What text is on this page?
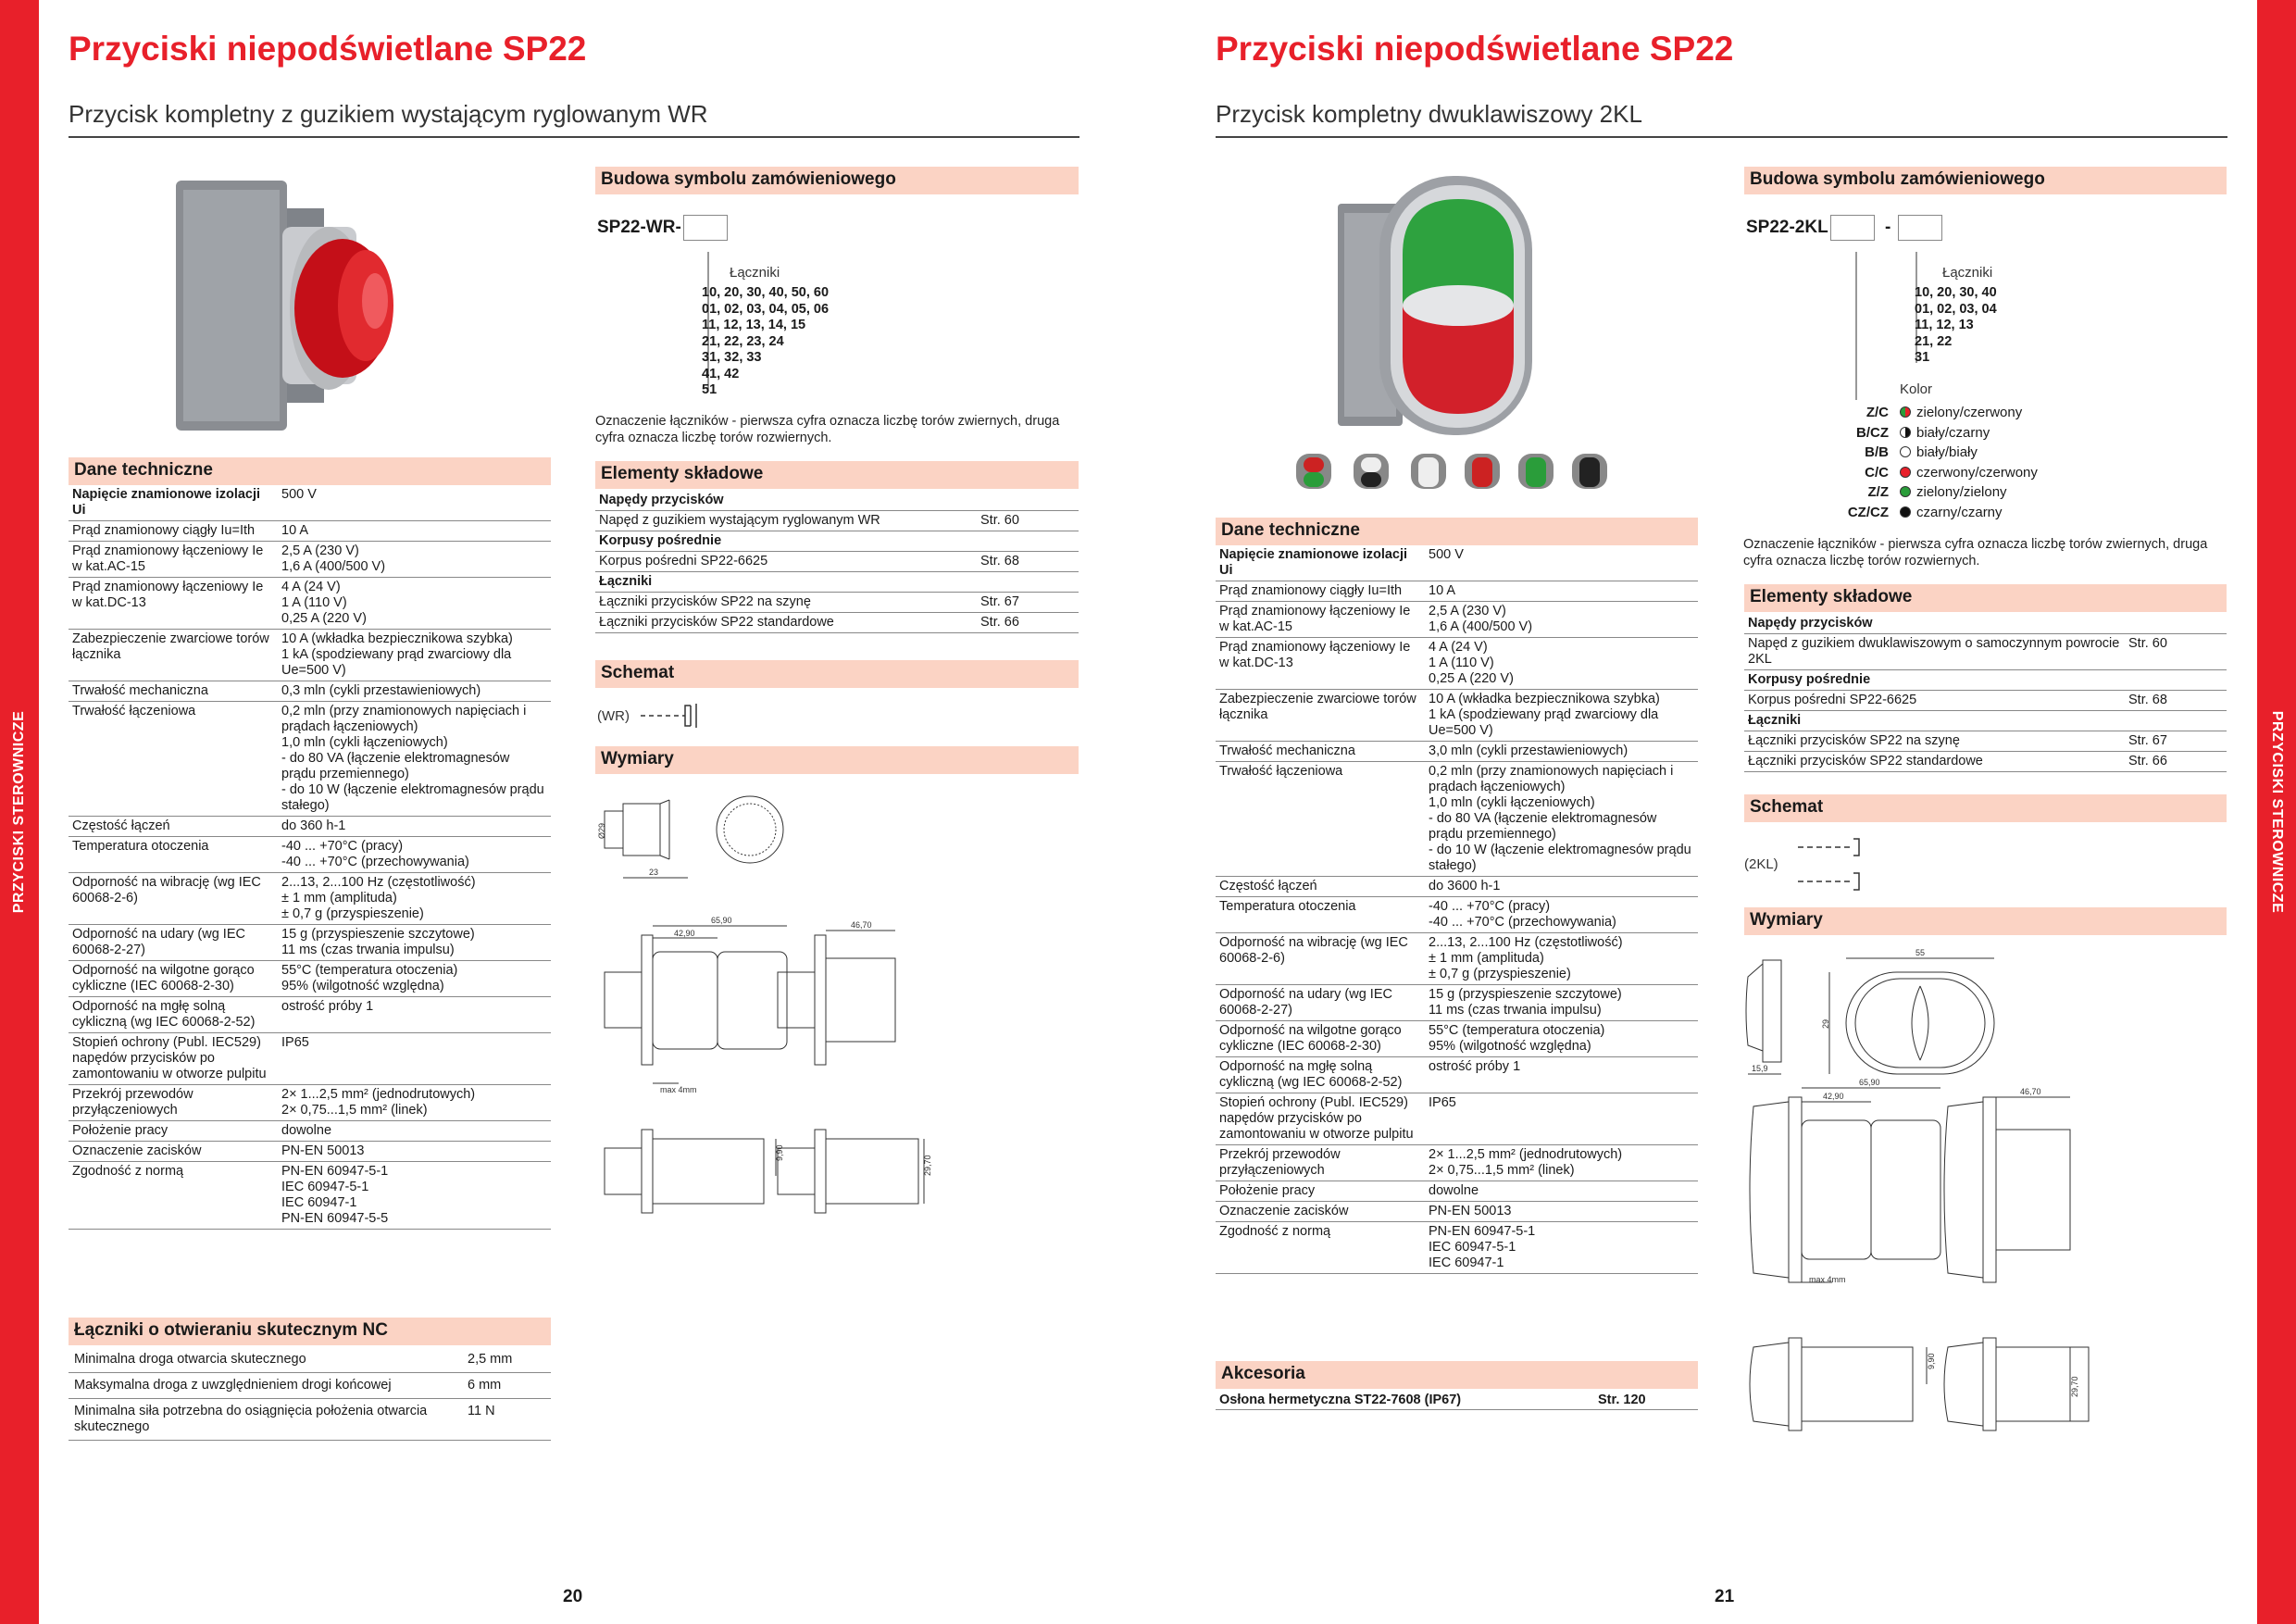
PRZYCISKI STEROWNICZE
Przyciski niepodświetlane SP22
Przycisk kompletny z guzikiem wystającym ryglowanym WR
Budowa symbolu zamówieniowego
SP22-WR-
Łączniki
10, 20, 30, 40, 50, 60
01, 02, 03, 04, 05, 06
11, 12, 13, 14, 15
21, 22, 23, 24
31, 32, 33
41, 42
51
Oznaczenie łączników - pierwsza cyfra oznacza liczbę torów zwiernych, druga cyfra oznacza liczbę torów rozwiernych.
Elementy składowe
Napędy przycisków	
Napęd z guzikiem wystającym ryglowanym WR	Str. 60
Korpusy pośrednie	
Korpus pośredni SP22-6625	Str. 68
Łączniki	
Łączniki przycisków SP22 na szynę	Str. 67
Łączniki przycisków SP22 standardowe	Str. 66
Schemat
(WR)
Wymiary
Ø29
23
65,90
42,90
46,70
max 4mm
9,90
29,70
Dane techniczne
Napięcie znamionowe izolacji Ui	500 V
Prąd znamionowy ciągły Iu=Ith	10 A
Prąd znamionowy łączeniowy Ie w kat.AC-15	2,5 A (230 V)
1,6 A (400/500 V)
Prąd znamionowy łączeniowy Ie w kat.DC-13	4 A (24 V)
1 A (110 V)
0,25 A (220 V)
Zabezpieczenie zwarciowe torów łącznika	10 A (wkładka bezpiecznikowa szybka)
1 kA (spodziewany prąd zwarciowy dla Ue=500 V)
Trwałość mechaniczna	0,3 mln (cykli przestawieniowych)
Trwałość łączeniowa	0,2 mln (przy znamionowych napięciach i prądach łączeniowych)
1,0 mln (cykli łączeniowych)
- do 80 VA (łączenie elektromagnesów prądu przemiennego)
- do 10 W (łączenie elektromagnesów prądu stałego)
Częstość łączeń	do 360 h-1
Temperatura otoczenia	-40 ... +70°C (pracy)
-40 ... +70°C (przechowywania)
Odporność na wibrację (wg IEC 60068-2-6)	2...13, 2...100 Hz (częstotliwość)
± 1 mm (amplituda)
± 0,7 g (przyspieszenie)
Odporność na udary (wg IEC 60068-2-27)	15 g (przyspieszenie szczytowe)
11 ms (czas trwania impulsu)
Odporność na wilgotne gorąco cykliczne (IEC 60068-2-30)	55°C (temperatura otoczenia)
95% (wilgotność względna)
Odporność na mgłę solną cykliczną (wg IEC 60068-2-52)	ostrość próby 1
Stopień ochrony (Publ. IEC529) napędów przycisków po zamontowaniu w otworze pulpitu	IP65
Przekrój przewodów przyłączeniowych	2× 1...2,5 mm² (jednodrutowych)
2× 0,75...1,5 mm² (linek)
Położenie pracy	dowolne
Oznaczenie zacisków	PN-EN 50013
Zgodność z normą	PN-EN 60947-5-1
IEC 60947-5-1
IEC 60947-1
PN-EN 60947-5-5
Łączniki o otwieraniu skutecznym NC
Minimalna droga otwarcia skutecznego	2,5 mm
Maksymalna droga z uwzględnieniem drogi końcowej	6 mm
Minimalna siła potrzebna do osiągnięcia położenia otwarcia skutecznego	11 N
20
PRZYCISKI STEROWNICZE
Przyciski niepodświetlane SP22
Przycisk kompletny dwuklawiszowy 2KL
Budowa symbolu zamówieniowego
SP22-2KL	-
Łączniki
10, 20, 30, 40
01, 02, 03, 04
11, 12, 13
21, 22
31
Kolor
Z/C zielony/czerwony
B/CZ biały/czarny
B/B biały/biały
C/C czerwony/czerwony
Z/Z zielony/zielony
CZ/CZ czarny/czarny
Oznaczenie łączników - pierwsza cyfra oznacza liczbę torów zwiernych, druga cyfra oznacza liczbę torów rozwiernych.
Elementy składowe
Napędy przycisków	
Napęd z guzikiem dwuklawiszowym o samoczynnym powrocie 2KL	Str. 60
Korpusy pośrednie	
Korpus pośredni SP22-6625	Str. 68
Łączniki	
Łączniki przycisków SP22 na szynę	Str. 67
Łączniki przycisków SP22 standardowe	Str. 66
Schemat
(2KL)
Wymiary
55
29
15,9
65,90
42,90	46,70
max 4mm
9,90
29,70
Dane techniczne
Napięcie znamionowe izolacji Ui	500 V
Prąd znamionowy ciągły Iu=Ith	10 A
Prąd znamionowy łączeniowy Ie w kat.AC-15	2,5 A (230 V)
1,6 A (400/500 V)
Prąd znamionowy łączeniowy Ie w kat.DC-13	4 A (24 V)
1 A (110 V)
0,25 A (220 V)
Zabezpieczenie zwarciowe torów łącznika	10 A (wkładka bezpiecznikowa szybka)
1 kA (spodziewany prąd zwarciowy dla Ue=500 V)
Trwałość mechaniczna	3,0 mln (cykli przestawieniowych)
Trwałość łączeniowa	0,2 mln (przy znamionowych napięciach i prądach łączeniowych)
1,0 mln (cykli łączeniowych)
- do 80 VA (łączenie elektromagnesów prądu przemiennego)
- do 10 W (łączenie elektromagnesów prądu stałego)
Częstość łączeń	do 3600 h-1
Temperatura otoczenia	-40 ... +70°C (pracy)
-40 ... +70°C (przechowywania)
Odporność na wibrację (wg IEC 60068-2-6)	2...13, 2...100 Hz (częstotliwość)
± 1 mm (amplituda)
± 0,7 g (przyspieszenie)
Odporność na udary (wg IEC 60068-2-27)	15 g (przyspieszenie szczytowe)
11 ms (czas trwania impulsu)
Odporność na wilgotne gorąco cykliczne (IEC 60068-2-30)	55°C (temperatura otoczenia)
95% (wilgotność względna)
Odporność na mgłę solną cykliczną (wg IEC 60068-2-52)	ostrość próby 1
Stopień ochrony (Publ. IEC529) napędów przycisków po zamontowaniu w otworze pulpitu	IP65
Przekrój przewodów przyłączeniowych	2× 1...2,5 mm² (jednodrutowych)
2× 0,75...1,5 mm² (linek)
Położenie pracy	dowolne
Oznaczenie zacisków	PN-EN 50013
Zgodność z normą	PN-EN 60947-5-1
IEC 60947-5-1
IEC 60947-1
Akcesoria
Osłona hermetyczna ST22-7608 (IP67)	Str. 120
21
